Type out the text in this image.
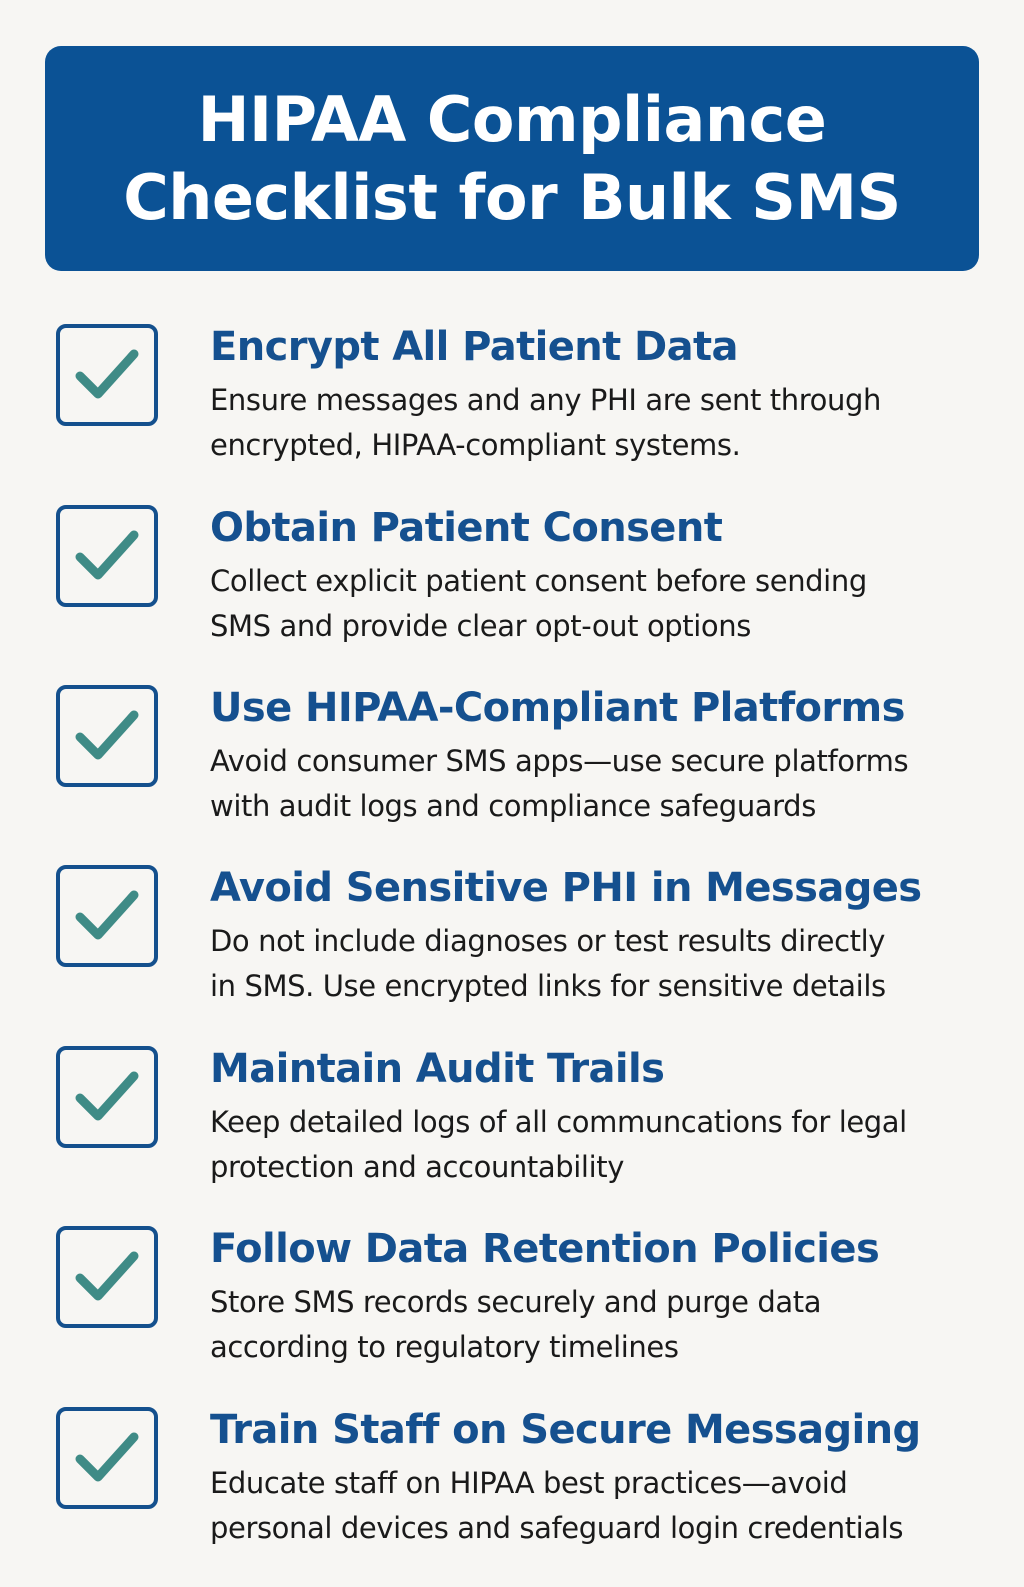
HIPAA Compliance
Checklist for Bulk SMS
Encrypt All Patient Data

Ensure messages and any PHI are sent through
encrypted, HIPAA-compliant systems.

Obtain Patient Consent

Collect explicit patient consent before sending
SMS and provide clear opt-out options

Use HIPAA-Compliant Platforms

Avoid consumer SMS apps—use secure platforms
with audit logs and compliance safeguards

Avoid Sensitive PHI in Messages

Do not include diagnoses or test results directly
in SMS. Use encrypted links for sensitive details

Maintain Audit Trails

Keep detailed logs of all communcations for legal
protection and accountability

Follow Data Retention Policies

Store SMS records securely and purge data
according to regulatory timelines

Train Staff on Secure Messaging

Educate staff on HIPAA best practices—avoid
personal devices and safeguard login credentials
